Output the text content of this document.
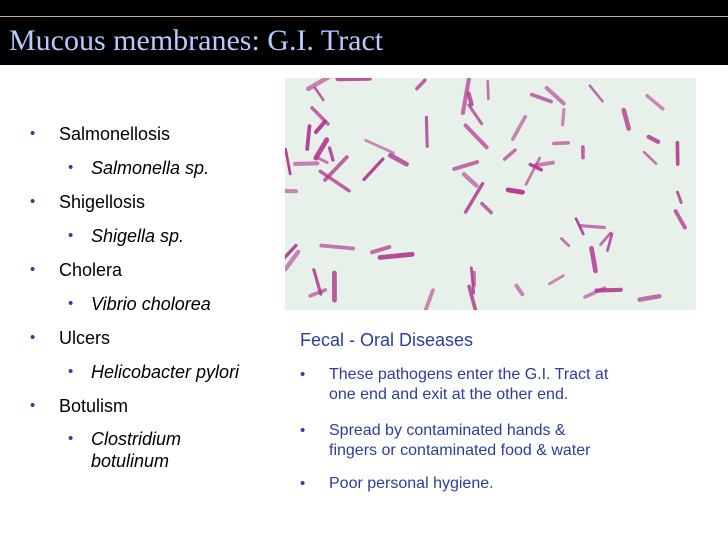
Mucous membranes: G.I. Tract
• Salmonellosis
• Salmonella sp.
• Shigellosis
• Shigella sp.
• Cholera
• Vibrio cholorea
• Ulcers
• Helicobacter pylori
• Botulism
• Clostridium
botulinum
Fecal - Oral Diseases
• These pathogens enter the G.I. Tract at
one end and exit at the other end.
• Spread by contaminated hands &
fingers or contaminated food & water
• Poor personal hygiene.
